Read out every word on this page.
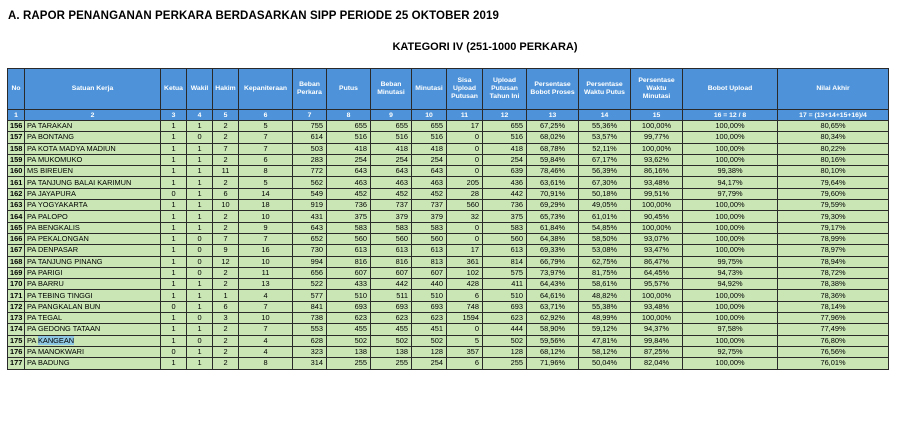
A. RAPOR PENANGANAN PERKARA BERDASARKAN SIPP PERIODE 25 OKTOBER 2019
KATEGORI IV (251-1000 PERKARA)
No	Satuan Kerja	Ketua	Wakil	Hakim	Kepaniteraan	Beban Perkara	Putus	Beban Minutasi	Minutasi	Sisa Upload Putusan	Upload Putusan Tahun Ini	Persentase Bobot Proses	Persentase Waktu Putus	Persentase Waktu Minutasi	Bobot Upload	Nilai Akhir
1	2	3	4	5	6	7	8	9	10	11	12	13	14	15	16 = 12 / 8	17 = (13+14+15+16)/4
156	PA TARAKAN	1	1	2	5	755	655	655	655	17	655	67,25%	55,36%	100,00%	100,00%	80,65%
157	PA BONTANG	1	0	2	7	614	516	516	516	0	516	68,02%	53,57%	99,77%	100,00%	80,34%
158	PA KOTA MADYA MADIUN	1	1	7	7	503	418	418	418	0	418	68,78%	52,11%	100,00%	100,00%	80,22%
159	PA MUKOMUKO	1	1	2	6	283	254	254	254	0	254	59,84%	67,17%	93,62%	100,00%	80,16%
160	MS BIREUEN	1	1	11	8	772	643	643	643	0	639	78,46%	56,39%	86,16%	99,38%	80,10%
161	PA TANJUNG BALAI KARIMUN	1	1	2	5	562	463	463	463	205	436	63,61%	67,30%	93,48%	94,17%	79,64%
162	PA JAYAPURA	0	1	6	14	549	452	452	452	28	442	70,91%	50,18%	99,51%	97,79%	79,60%
163	PA YOGYAKARTA	1	1	10	18	919	736	737	737	560	736	69,29%	49,05%	100,00%	100,00%	79,59%
164	PA PALOPO	1	1	2	10	431	375	379	379	32	375	65,73%	61,01%	90,45%	100,00%	79,30%
165	PA BENGKALIS	1	1	2	9	643	583	583	583	0	583	61,84%	54,85%	100,00%	100,00%	79,17%
166	PA PEKALONGAN	1	0	7	7	652	560	560	560	0	560	64,38%	58,50%	93,07%	100,00%	78,99%
167	PA DENPASAR	1	0	9	16	730	613	613	613	17	613	69,33%	53,08%	93,47%	100,00%	78,97%
168	PA TANJUNG PINANG	1	0	12	10	994	816	816	813	361	814	66,79%	62,75%	86,47%	99,75%	78,94%
169	PA PARIGI	1	0	2	11	656	607	607	607	102	575	73,97%	81,75%	64,45%	94,73%	78,72%
170	PA BARRU	1	1	2	13	522	433	442	440	428	411	64,43%	58,61%	95,57%	94,92%	78,38%
171	PA TEBING TINGGI	1	1	1	4	577	510	511	510	6	510	64,61%	48,82%	100,00%	100,00%	78,36%
172	PA PANGKALAN BUN	0	1	6	7	841	693	693	693	748	693	63,71%	55,38%	93,48%	100,00%	78,14%
173	PA TEGAL	1	0	3	10	738	623	623	623	1594	623	62,92%	48,99%	100,00%	100,00%	77,96%
174	PA GEDONG TATAAN	1	1	2	7	553	455	455	451	0	444	58,90%	59,12%	94,37%	97,58%	77,49%
175	PA KANGEAN	1	0	2	4	628	502	502	502	5	502	59,56%	47,81%	99,84%	100,00%	76,80%
176	PA MANOKWARI	0	1	2	4	323	138	138	128	357	128	68,12%	58,12%	87,25%	92,75%	76,56%
177	PA BADUNG	1	1	2	8	314	255	255	254	6	255	71,96%	50,04%	82,04%	100,00%	76,01%
